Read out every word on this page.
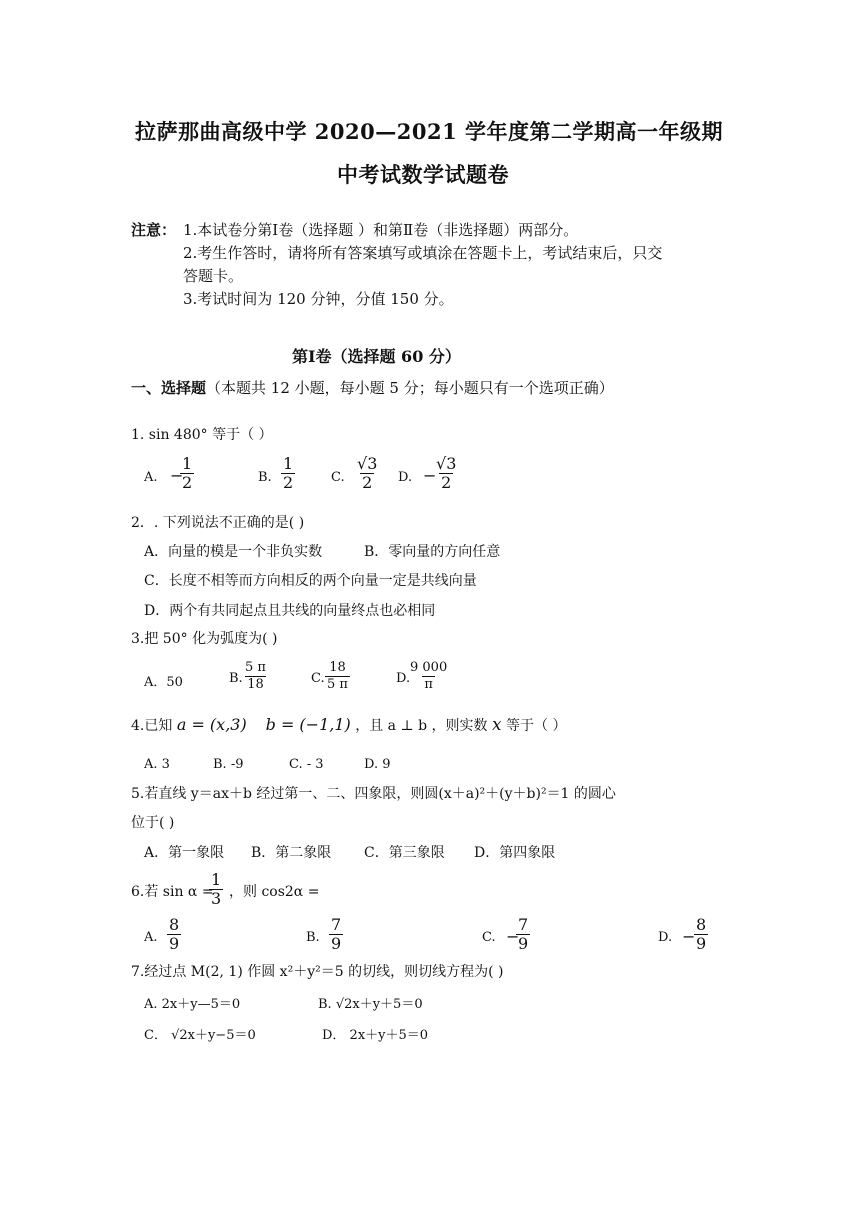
拉萨那曲高级中学 2020—2021 学年度第二学期高一年级期
中考试数学试题卷
注意： 1.本试卷分第Ⅰ卷（选择题 ）和第Ⅱ卷（非选择题）两部分。
2.考生作答时，请将所有答案填写或填涂在答题卡上，考试结束后，只交
答题卡。
3.考试时间为 120 分钟，分值 150 分。
第Ⅰ卷（选择题 60 分）
一、选择题（本题共 12 小题，每小题 5 分；每小题只有一个选项正确）
1. sin 480° 等于（ ）
A. −
$\frac{1}{2}$	B. $\frac{1}{2}$	C. $\frac{√3}{2} D$. −
$\frac{√3}{2}$
2．. 下列说法不正确的是( )
A．向量的模是一个非负实数	B．零向量的方向任意
C．长度不相等而方向相反的两个向量一定是共线向量
D．两个有共同起点且共线的向量终点也必相同
3.把 50° 化为弧度为( )
A．50	B. $\frac{5 \pi}{18}$	C. $\frac{18}{5 \pi}$	D.
$\frac{9 000}{\pi}$
4.已知 a = (x,3) b = (−1,1) ，且 a ⊥ b ，则实数 x 等于（ ）
A. 3	B. -9	C. - 3	D. 9
5.若直线 y＝ax＋b 经过第一、二、四象限，则圆(x＋a)²＋(y＋b)²＝1 的圆心
位于( )
A．第一象限 B．第二象限 C．第三象限 D．第四象限
6.若 sin α =
$\frac{1}{3}$ ，则 cos2α =
A. $\frac{8}{9}$	B. $\frac{7}{9}$	C. −
$\frac{7}{9}$	D. −
$\frac{8}{9}$
7.经过点 M(2, 1) 作圆 x²＋y²＝5 的切线，则切线方程为( )
A. 2x＋y—5＝0	B. √2x＋y＋5＝0
C． √2x＋y−5＝0	D． 2x＋y＋5＝0
